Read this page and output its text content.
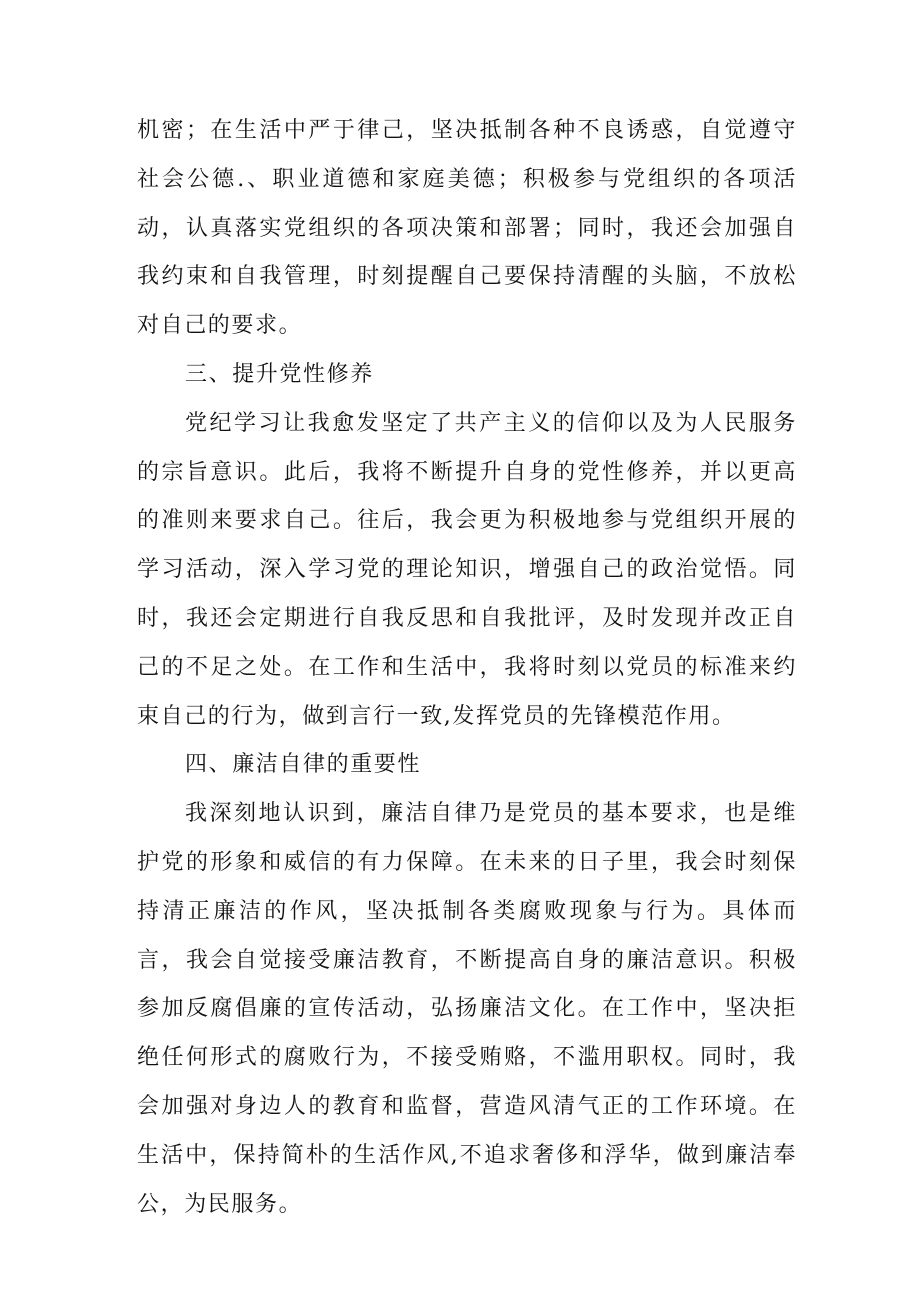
机密；在生活中严于律己，坚决抵制各种不良诱惑，自觉遵守社会公德.、职业道德和家庭美德；积极参与党组织的各项活动，认真落实党组织的各项决策和部署；同时，我还会加强自我约束和自我管理，时刻提醒自己要保持清醒的头脑，不放松对自己的要求。

三、提升党性修养

党纪学习让我愈发坚定了共产主义的信仰以及为人民服务的宗旨意识。此后，我将不断提升自身的党性修养，并以更高的准则来要求自己。往后，我会更为积极地参与党组织开展的学习活动，深入学习党的理论知识，增强自己的政治觉悟。同时，我还会定期进行自我反思和自我批评，及时发现并改正自己的不足之处。在工作和生活中，我将时刻以党员的标准来约束自己的行为，做到言行一致,发挥党员的先锋模范作用。

四、廉洁自律的重要性

我深刻地认识到，廉洁自律乃是党员的基本要求，也是维护党的形象和威信的有力保障。在未来的日子里，我会时刻保持清正廉洁的作风，坚决抵制各类腐败现象与行为。具体而言，我会自觉接受廉洁教育，不断提高自身的廉洁意识。积极参加反腐倡廉的宣传活动，弘扬廉洁文化。在工作中，坚决拒绝任何形式的腐败行为，不接受贿赂，不滥用职权。同时，我会加强对身边人的教育和监督，营造风清气正的工作环境。在生活中，保持简朴的生活作风,不追求奢侈和浮华，做到廉洁奉公，为民服务。
